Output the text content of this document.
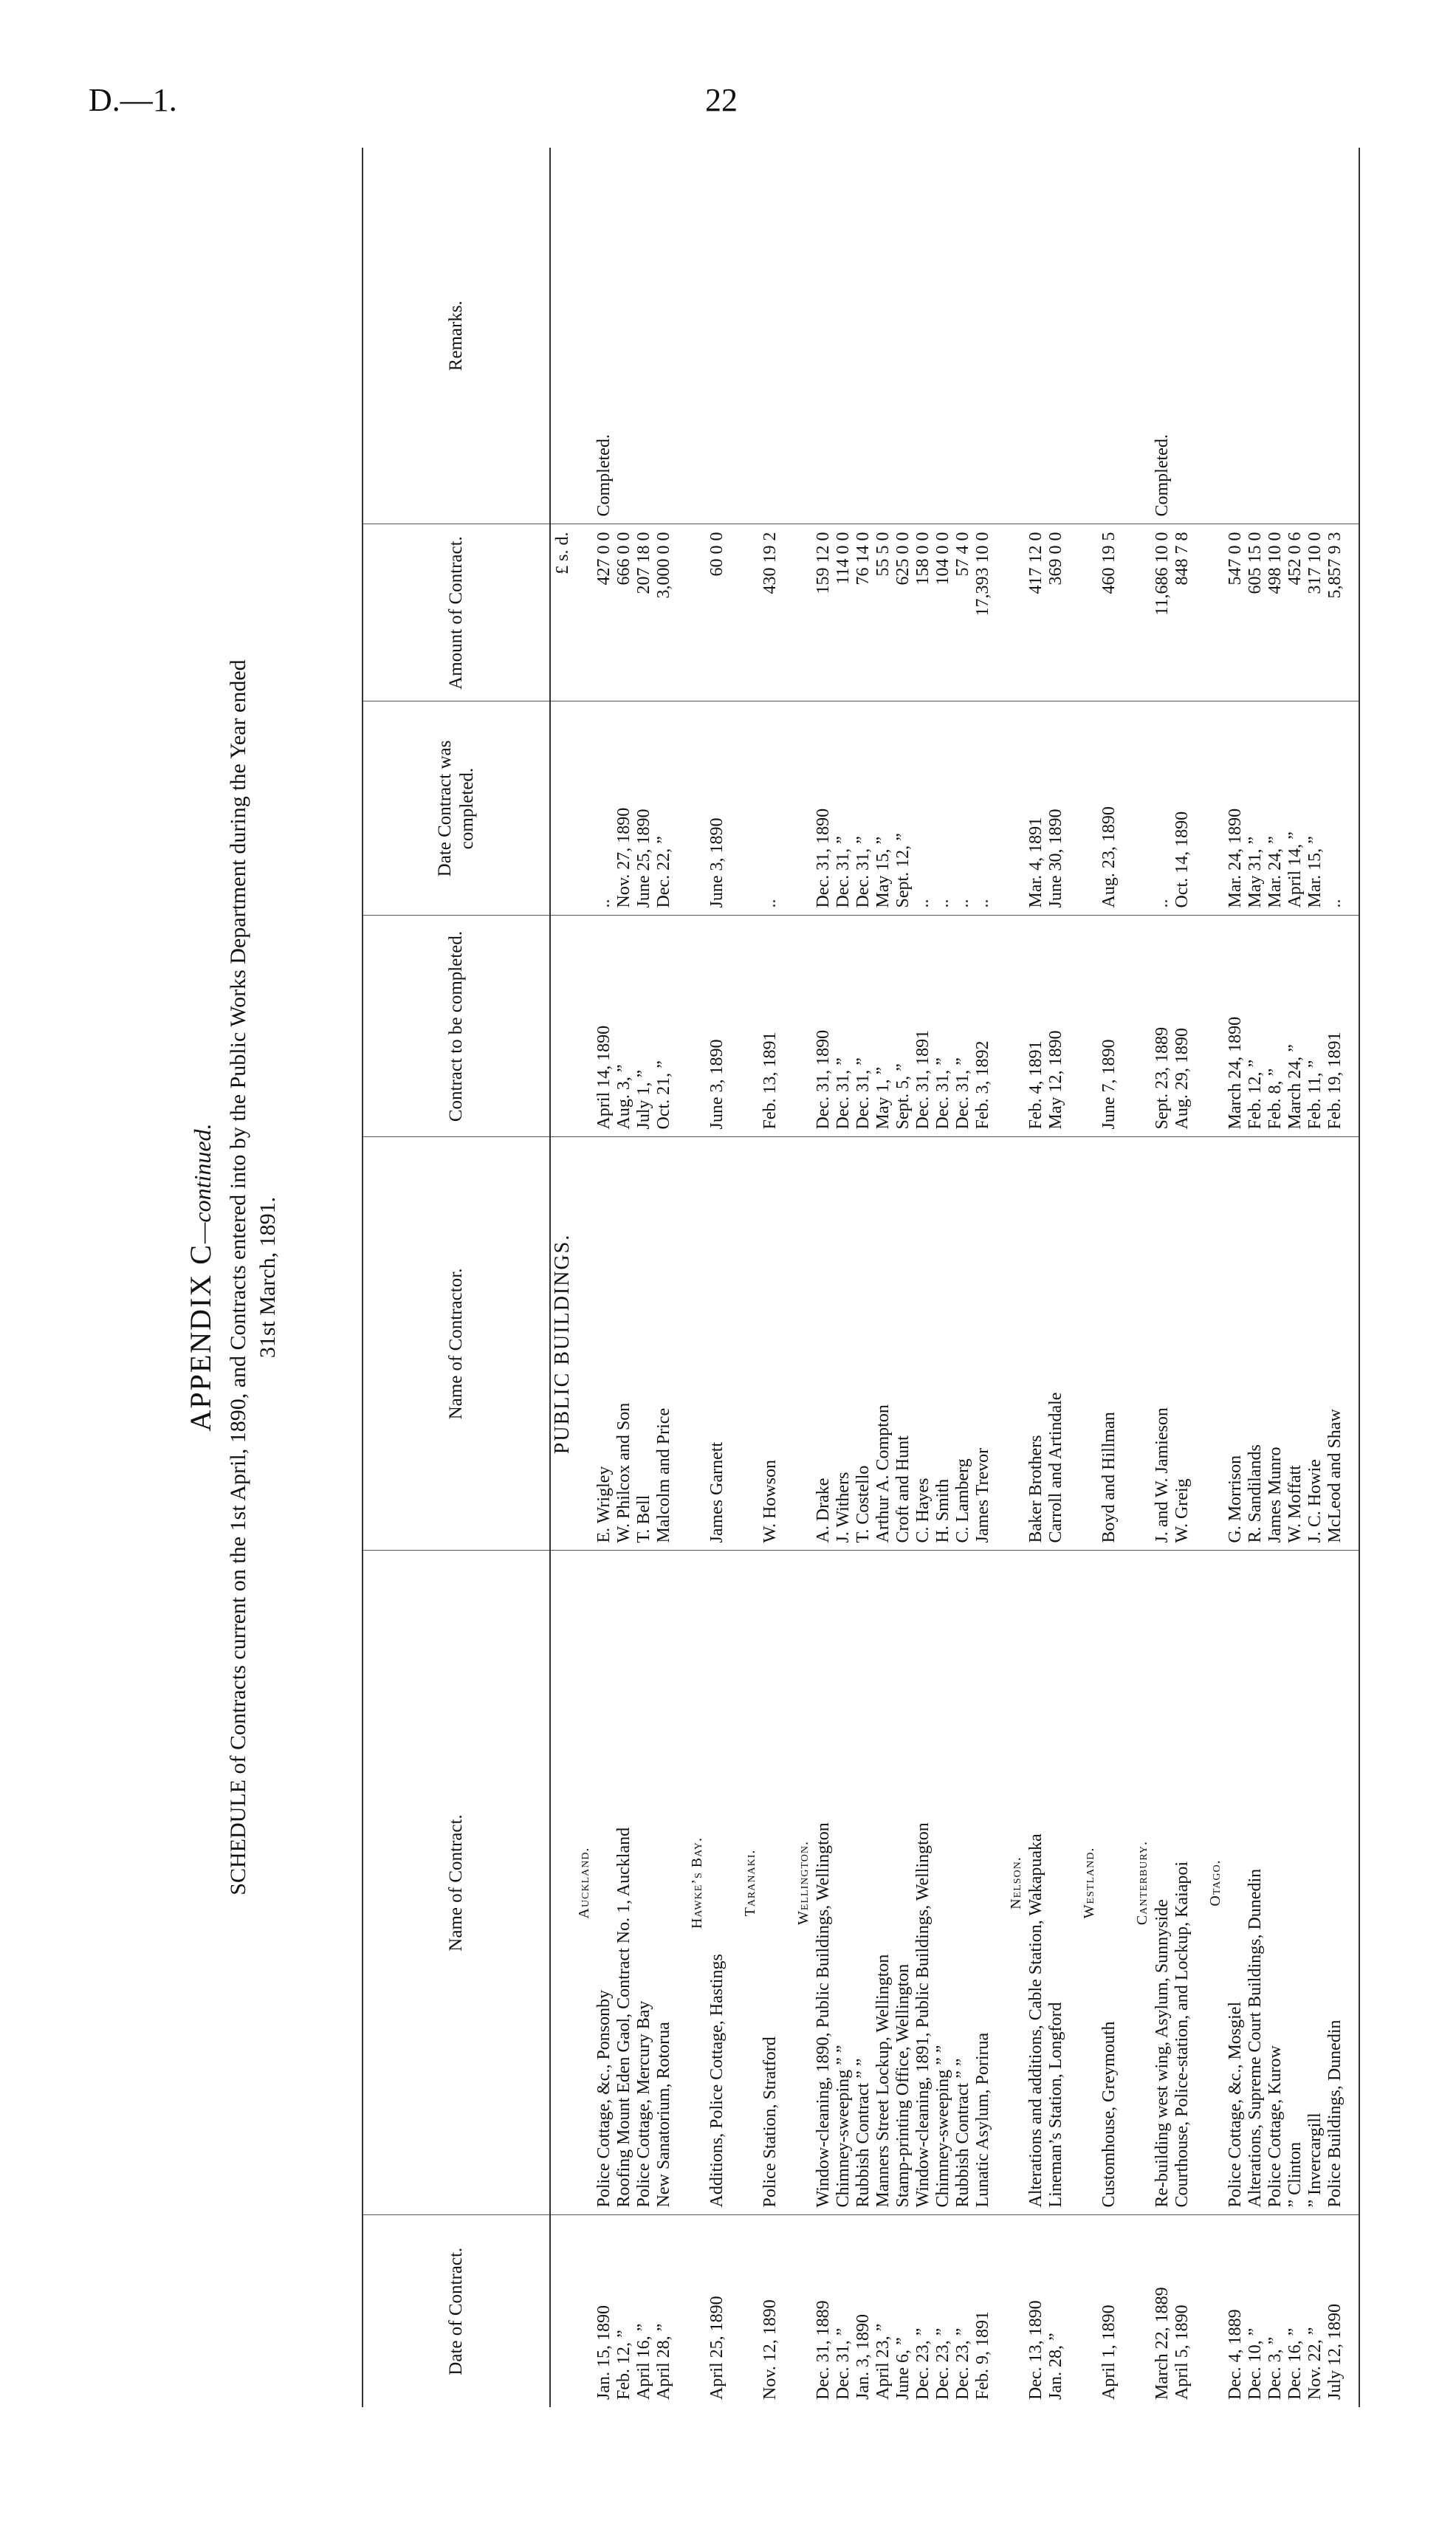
D.—1.	22
APPENDIX C—continued. SCHEDULE of Contracts current on the 1st April, 1890, and Contracts entered into by the Public Works Department during the Year ended 31st March, 1891.
Date of Contract.	Name of Contract.	Name of Contractor.	Contract to be completed.	Date Contract was completed.	Amount of Contract.	Remarks.
		PUBLIC BUILDINGS.			£ s. d.	
	Auckland.					
Jan. 15, 1890	Police Cottage, &c., Ponsonby	E. Wrigley	April 14, 1890	..	427 0 0	Completed.
Feb. 12, ”	Roofing Mount Eden Gaol, Contract No. 1, Auckland	W. Philcox and Son	Aug. 3, ”	Nov. 27, 1890	666 0 0	
April 16, ”	Police Cottage, Mercury Bay	T. Bell	July 1, ”	June 25, 1890	207 18 0	
April 28, ”	New Sanatorium, Rotorua	Malcolm and Price	Oct. 21, ”	Dec. 22, ”	3,000 0 0	

	Hawke’s Bay.					
April 25, 1890	Additions, Police Cottage, Hastings	James Garnett	June 3, 1890	June 3, 1890	60 0 0	

	Taranaki.					
Nov. 12, 1890	Police Station, Stratford	W. Howson	Feb. 13, 1891	..	430 19 2	

	Wellington.					
Dec. 31, 1889	Window-cleaning, 1890, Public Buildings, Wellington	A. Drake	Dec. 31, 1890	Dec. 31, 1890	159 12 0	
Dec. 31, ”	Chimney-sweeping ” ”	J. Withers	Dec. 31, ”	Dec. 31, ”	114 0 0	
Jan. 3, 1890	Rubbish Contract ” ”	T. Costello	Dec. 31, ”	Dec. 31, ”	76 14 0	
April 23, ”	Manners Street Lockup, Wellington	Arthur A. Compton	May 1, ”	May 15, ”	55 5 0	
June 6, ”	Stamp-printing Office, Wellington	Croft and Hunt	Sept. 5, ”	Sept. 12, ”	625 0 0	
Dec. 23, ”	Window-cleaning, 1891, Public Buildings, Wellington	C. Hayes	Dec. 31, 1891	..	158 0 0	
Dec. 23, ”	Chimney-sweeping ” ”	H. Smith	Dec. 31, ”	..	104 0 0	
Dec. 23, ”	Rubbish Contract ” ”	C. Lamberg	Dec. 31, ”	..	57 4 0	
Feb. 9, 1891	Lunatic Asylum, Porirua	James Trevor	Feb. 3, 1892	..	17,393 10 0	

	Nelson.					
Dec. 13, 1890	Alterations and additions, Cable Station, Wakapuaka	Baker Brothers	Feb. 4, 1891	Mar. 4, 1891	417 12 0	
Jan. 28, ”	Lineman’s Station, Longford	Carroll and Artindale	May 12, 1890	June 30, 1890	369 0 0	

	Westland.					
April 1, 1890	Customhouse, Greymouth	Boyd and Hillman	June 7, 1890	Aug. 23, 1890	460 19 5	

	Canterbury.					
March 22, 1889	Re-building west wing, Asylum, Sunnyside	J. and W. Jamieson	Sept. 23, 1889	..	11,686 10 0	Completed.
April 5, 1890	Courthouse, Police-station, and Lockup, Kaiapoi	W. Greig	Aug. 29, 1890	Oct. 14, 1890	848 7 8	

	Otago.					
Dec. 4, 1889	Police Cottage, &c., Mosgiel	G. Morrison	March 24, 1890	Mar. 24, 1890	547 0 0	
Dec. 10, ”	Alterations, Supreme Court Buildings, Dunedin	R. Sandilands	Feb. 12, ”	May 31, ”	605 15 0	
Dec. 3, ”	Police Cottage, Kurow	James Munro	Feb. 8, ”	Mar. 24, ”	498 10 0	
Dec. 16, ”	” Clinton	W. Moffatt	March 24, ”	April 14, ”	452 0 6	
Nov. 22, ”	” Invercargill	J. C. Howie	Feb. 11, ”	Mar. 15, ”	317 10 0	
July 12, 1890	Police Buildings, Dunedin	McLeod and Shaw	Feb. 19, 1891	..	5,857 9 3	
